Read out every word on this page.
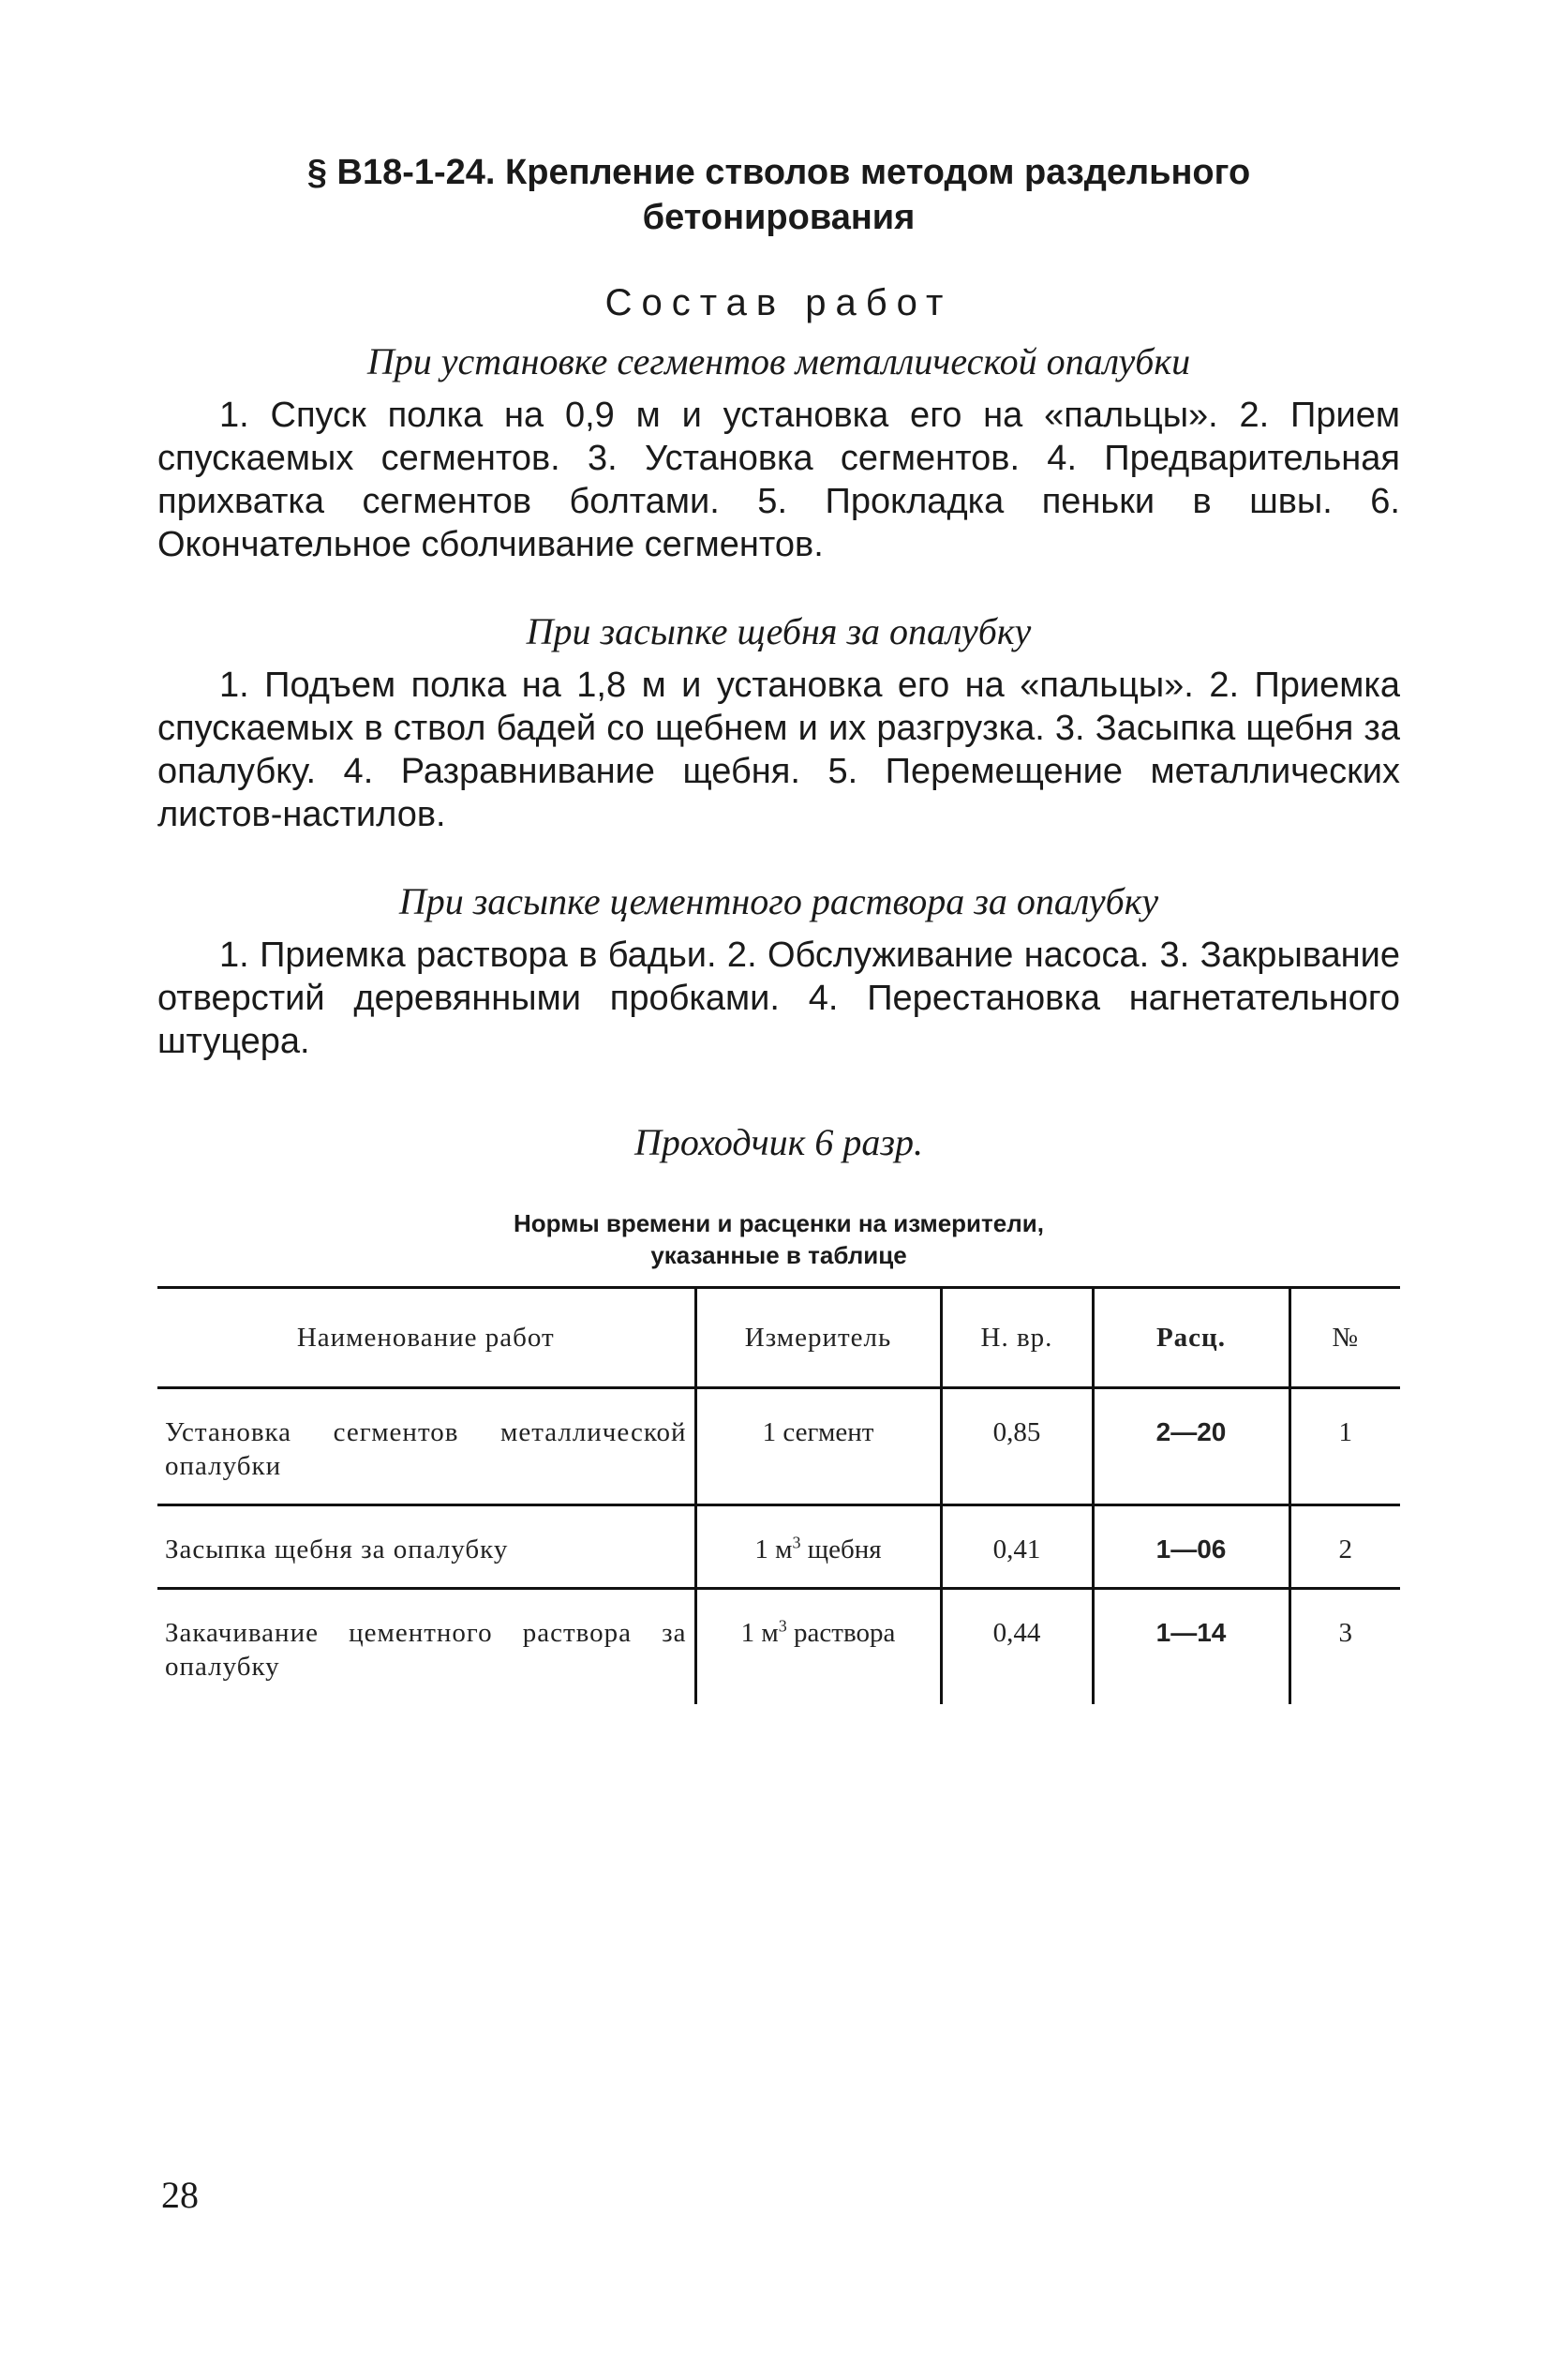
§ В18-1-24. Крепление стволов методом раздельного
бетонирования
Состав работ
При установке сегментов металлической опалубки

1. Спуск полка на 0,9 м и установка его на «пальцы». 2. Прием спускаемых сегментов. 3. Установка сегментов. 4. Предварительная прихватка сегментов болтами. 5. Прокладка пеньки в швы. 6. Окончательное сболчивание сегментов.

При засыпке щебня за опалубку

1. Подъем полка на 1,8 м и установка его на «пальцы». 2. Приемка спускаемых в ствол бадей со щебнем и их разгрузка. 3. Засыпка щебня за опалубку. 4. Разравнивание щебня. 5. Перемещение металлических листов-настилов.

При засыпке цементного раствора за опалубку

1. Приемка раствора в бадьи. 2. Обслуживание насоса. 3. Закрывание отверстий деревянными пробками. 4. Перестановка нагнетательного штуцера.

Проходчик 6 разр.
Нормы времени и расценки на измерители,
указанные в таблице
Наименование работ	Измеритель	Н. вр.	Расц.	№
Установка сегментов металлической опалубки	1 сегмент	0,85	2—20	1
Засыпка щебня за опалубку	1 $м^3$ щебня	0,41	1—06	2
Закачивание цементного раствора за опалубку	1 $м^3$ раствора	0,44	1—14	3
28
